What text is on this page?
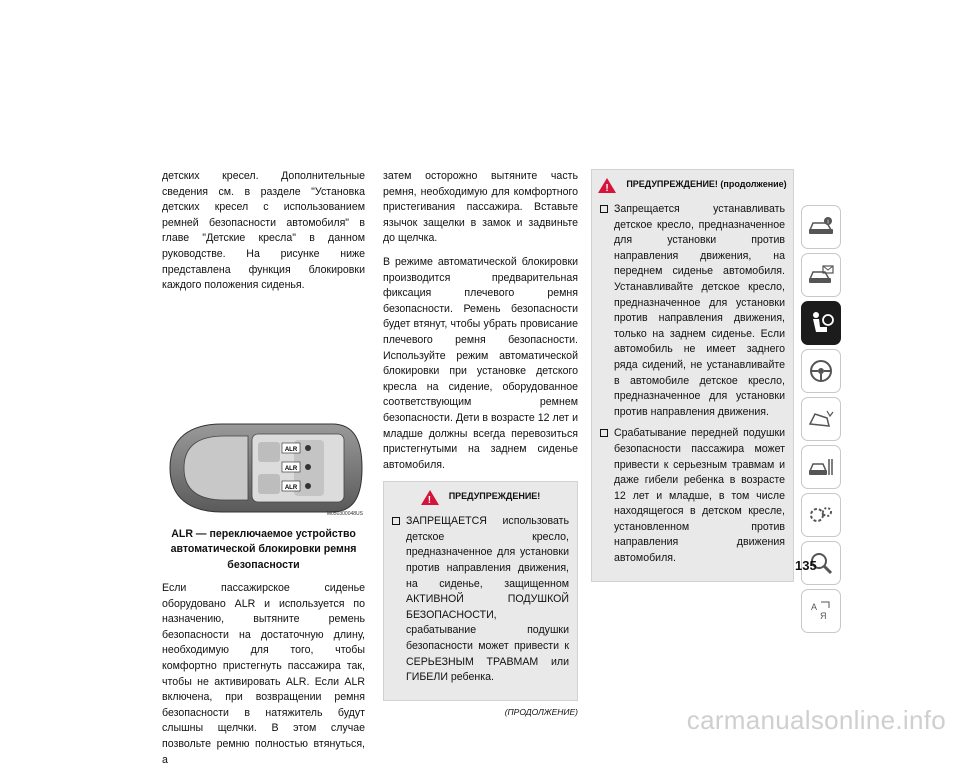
детских кресел. Дополнительные сведения см. в разделе "Установка детских кресел с использованием ремней безопасности автомобиля" в главе "Детские кресла" в данном руководстве. На рисунке ниже представлена функция блокировки каждого положения сиденья.

ALR
ALR
ALR
M050300048US
ALR — переключаемое устройство автоматической блокировки ремня безопасности

Если пассажирское сиденье оборудовано ALR и используется по назначению, вытяните ремень безопасности на достаточную длину, необходимую для того, чтобы комфортно пристегнуть пассажира так, чтобы не активировать ALR. Если ALR включена, при возвращении ремня безопасности в натяжитель будут слышны щелчки. В этом случае позвольте ремню полностью втянуться, а

затем осторожно вытяните часть ремня, необходимую для комфортного пристегивания пассажира. Вставьте язычок защелки в замок и задвиньте до щелчка.

В режиме автоматической блокировки производится предварительная фиксация плечевого ремня безопасности. Ремень безопасности будет втянут, чтобы убрать провисание плечевого ремня безопасности. Используйте режим автоматической блокировки при установке детского кресла на сидение, оборудованное соответствующим ремнем безопасности. Дети в возрасте 12 лет и младше должны всегда перевозиться пристегнутыми на заднем сиденье автомобиля.

!
ПРЕДУПРЕЖДЕНИЕ!
ЗАПРЕЩАЕТСЯ использовать детское кресло, предназначенное для установки против направления движения, на сиденье, защищенном АКТИВНОЙ ПОДУШКОЙ БЕЗОПАСНОСТИ, срабатывание подушки безопасности может привести к СЕРЬЕЗНЫМ ТРАВМАМ или ГИБЕЛИ ребенка.
(ПРОДОЛЖЕНИЕ)
!
ПРЕДУПРЕЖДЕНИЕ! (продолжение)
Запрещается устанавливать детское кресло, предназначенное для установки против направления движения, на переднем сиденье автомобиля. Устанавливайте детское кресло, предназначенное для установки против направления движения, только на заднем сиденье. Если автомобиль не имеет заднего ряда сидений, не устанавливайте в автомобиле детское кресло, предназначенное для установки против направления движения.
Срабатывание передней подушки безопасности пассажира может привести к серьезным травмам и даже гибели ребенка в возрасте 12 лет и младше, в том числе находящегося в детском кресле, установленном против направления движения автомобиля.
i
A
Я
135
carmanualsonline.info
